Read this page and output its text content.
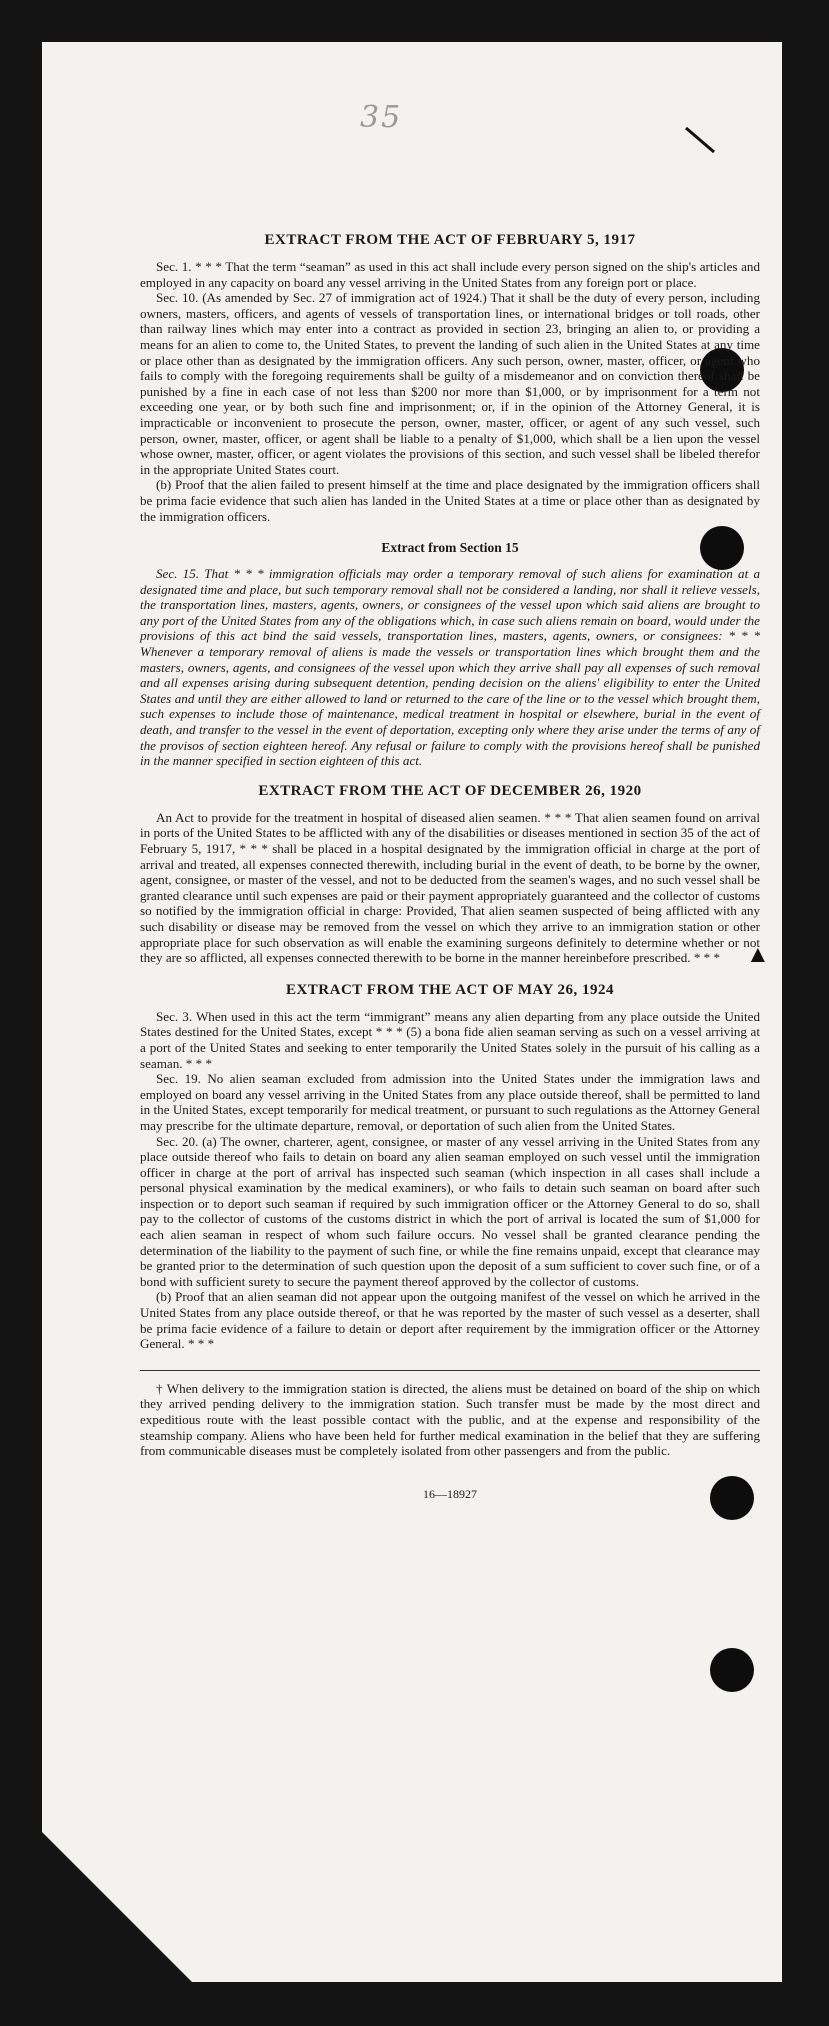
35
▲
EXTRACT FROM THE ACT OF FEBRUARY 5, 1917

Sec. 1. * * * That the term “seaman” as used in this act shall include every person signed on the ship's articles and employed in any capacity on board any vessel arriving in the United States from any foreign port or place.

Sec. 10. (As amended by Sec. 27 of immigration act of 1924.) That it shall be the duty of every person, including owners, masters, officers, and agents of vessels of transportation lines, or international bridges or toll roads, other than railway lines which may enter into a contract as provided in section 23, bringing an alien to, or providing a means for an alien to come to, the United States, to prevent the landing of such alien in the United States at any time or place other than as designated by the immigration officers. Any such person, owner, master, officer, or agent who fails to comply with the foregoing requirements shall be guilty of a misdemeanor and on conviction thereof shall be punished by a fine in each case of not less than $200 nor more than $1,000, or by imprisonment for a term not exceeding one year, or by both such fine and imprisonment; or, if in the opinion of the Attorney General, it is impracticable or inconvenient to prosecute the person, owner, master, officer, or agent of any such vessel, such person, owner, master, officer, or agent shall be liable to a penalty of $1,000, which shall be a lien upon the vessel whose owner, master, officer, or agent violates the provisions of this section, and such vessel shall be libeled therefor in the appropriate United States court.

(b) Proof that the alien failed to present himself at the time and place designated by the immigration officers shall be prima facie evidence that such alien has landed in the United States at a time or place other than as designated by the immigration officers.

Extract from Section 15

Sec. 15. That * * * immigration officials may order a temporary removal of such aliens for examination at a designated time and place, but such temporary removal shall not be considered a landing, nor shall it relieve vessels, the transportation lines, masters, agents, owners, or consignees of the vessel upon which said aliens are brought to any port of the United States from any of the obligations which, in case such aliens remain on board, would under the provisions of this act bind the said vessels, transportation lines, masters, agents, owners, or consignees: * * * Whenever a temporary removal of aliens is made the vessels or transportation lines which brought them and the masters, owners, agents, and consignees of the vessel upon which they arrive shall pay all expenses of such removal and all expenses arising during subsequent detention, pending decision on the aliens' eligibility to enter the United States and until they are either allowed to land or returned to the care of the line or to the vessel which brought them, such expenses to include those of maintenance, medical treatment in hospital or elsewhere, burial in the event of death, and transfer to the vessel in the event of deportation, excepting only where they arise under the terms of any of the provisos of section eighteen hereof. Any refusal or failure to comply with the provisions hereof shall be punished in the manner specified in section eighteen of this act.

EXTRACT FROM THE ACT OF DECEMBER 26, 1920

An Act to provide for the treatment in hospital of diseased alien seamen. * * * That alien seamen found on arrival in ports of the United States to be afflicted with any of the disabilities or diseases mentioned in section 35 of the act of February 5, 1917, * * * shall be placed in a hospital designated by the immigration official in charge at the port of arrival and treated, all expenses connected therewith, including burial in the event of death, to be borne by the owner, agent, consignee, or master of the vessel, and not to be deducted from the seamen's wages, and no such vessel shall be granted clearance until such expenses are paid or their payment appropriately guaranteed and the collector of customs so notified by the immigration official in charge: Provided, That alien seamen suspected of being afflicted with any such disability or disease may be removed from the vessel on which they arrive to an immigration station or other appropriate place for such observation as will enable the examining surgeons definitely to determine whether or not they are so afflicted, all expenses connected therewith to be borne in the manner hereinbefore prescribed. * * *

EXTRACT FROM THE ACT OF MAY 26, 1924

Sec. 3. When used in this act the term “immigrant” means any alien departing from any place outside the United States destined for the United States, except * * * (5) a bona fide alien seaman serving as such on a vessel arriving at a port of the United States and seeking to enter temporarily the United States solely in the pursuit of his calling as a seaman. * * *

Sec. 19. No alien seaman excluded from admission into the United States under the immigration laws and employed on board any vessel arriving in the United States from any place outside thereof, shall be permitted to land in the United States, except temporarily for medical treatment, or pursuant to such regulations as the Attorney General may prescribe for the ultimate departure, removal, or deportation of such alien from the United States.

Sec. 20. (a) The owner, charterer, agent, consignee, or master of any vessel arriving in the United States from any place outside thereof who fails to detain on board any alien seaman employed on such vessel until the immigration officer in charge at the port of arrival has inspected such seaman (which inspection in all cases shall include a personal physical examination by the medical examiners), or who fails to detain such seaman on board after such inspection or to deport such seaman if required by such immigration officer or the Attorney General to do so, shall pay to the collector of customs of the customs district in which the port of arrival is located the sum of $1,000 for each alien seaman in respect of whom such failure occurs. No vessel shall be granted clearance pending the determination of the liability to the payment of such fine, or while the fine remains unpaid, except that clearance may be granted prior to the determination of such question upon the deposit of a sum sufficient to cover such fine, or of a bond with sufficient surety to secure the payment thereof approved by the collector of customs.

(b) Proof that an alien seaman did not appear upon the outgoing manifest of the vessel on which he arrived in the United States from any place outside thereof, or that he was reported by the master of such vessel as a deserter, shall be prima facie evidence of a failure to detain or deport after requirement by the immigration officer or the Attorney General. * * *

† When delivery to the immigration station is directed, the aliens must be detained on board of the ship on which they arrived pending delivery to the immigration station. Such transfer must be made by the most direct and expeditious route with the least possible contact with the public, and at the expense and responsibility of the steamship company. Aliens who have been held for further medical examination in the belief that they are suffering from communicable diseases must be completely isolated from other passengers and from the public.

16—18927
